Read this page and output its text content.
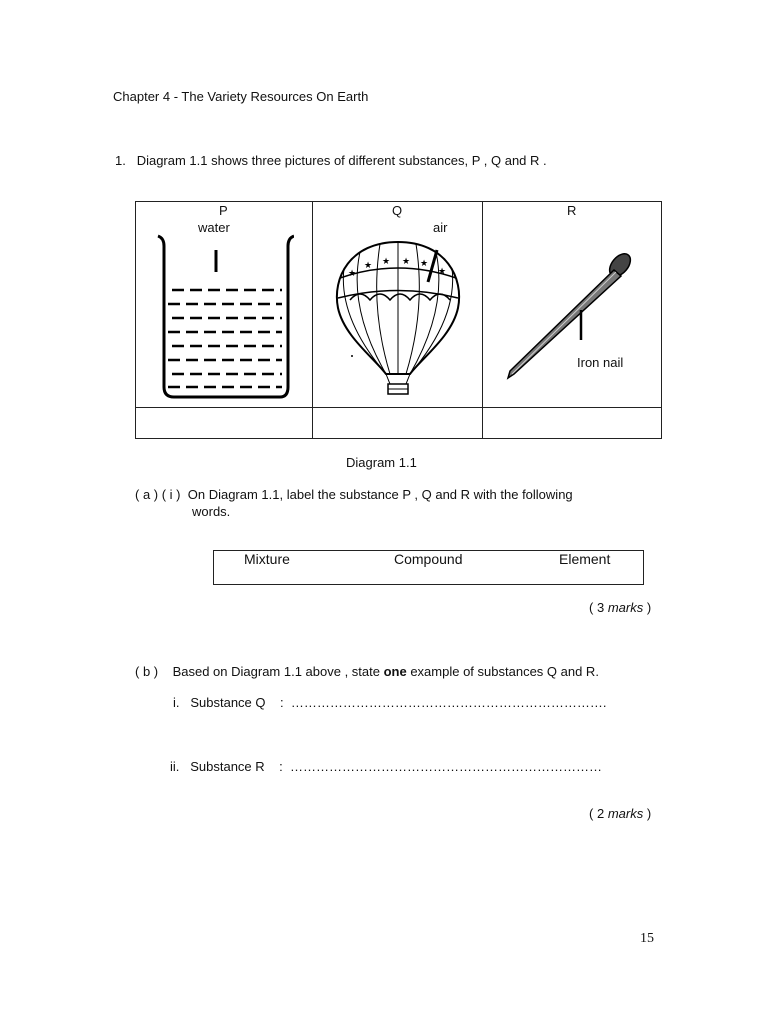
Chapter 4 - The Variety Resources On Earth
1. Diagram 1.1 shows three pictures of different substances, P , Q and R .
P
water
Q
air
★
★ ★ ★ ★
★
R
Iron nail
Diagram 1.1
( a ) ( i ) On Diagram 1.1, label the substance P , Q and R with the following
words.
Mixture	Compound	Element
( 3 marks )
( b ) Based on Diagram 1.1 above , state one example of substances Q and R.
i. Substance Q : ……………………………………………………………….
ii. Substance R : ………………………………………………………………
( 2 marks )
15
